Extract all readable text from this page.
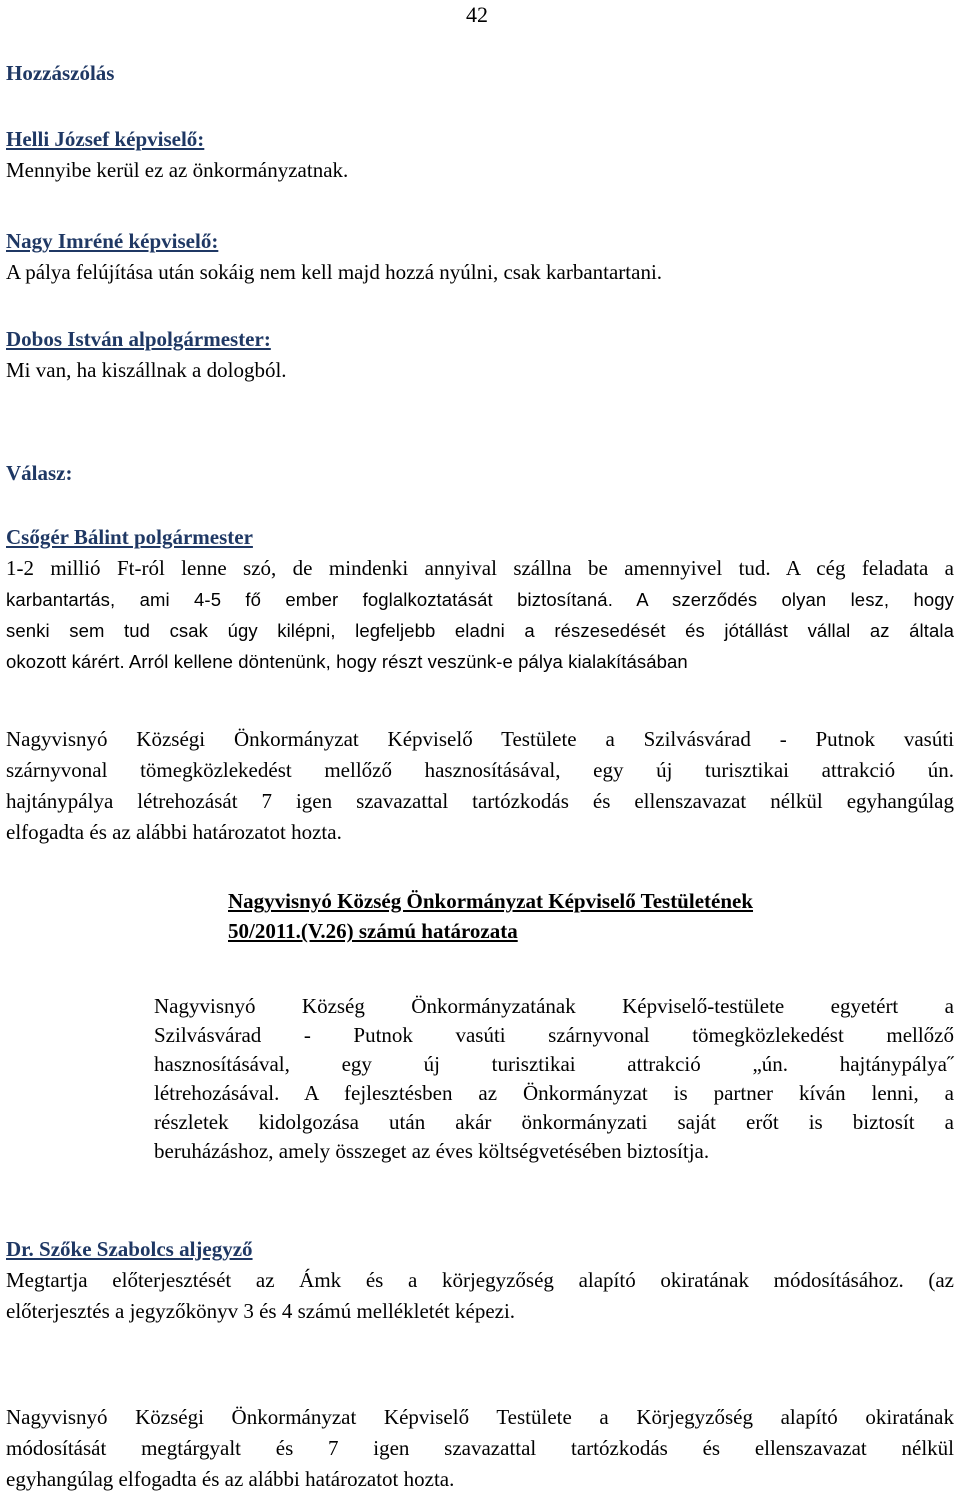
42
Hozzászólás
Helli József képviselő:
Mennyibe kerül ez az önkormányzatnak.
Nagy Imréné képviselő:
A pálya felújítása után sokáig nem kell majd hozzá nyúlni, csak karbantartani.
Dobos István alpolgármester:
Mi van, ha kiszállnak a dologból.
Válasz:
Csőgér Bálint polgármester
1-2 millió Ft-ról lenne szó, de mindenki annyival szállna be amennyivel tud. A cég feladata a
karbantartás, ami 4-5 fő ember foglalkoztatását biztosítaná. A szerződés olyan lesz, hogy
senki sem tud csak úgy kilépni, legfeljebb eladni a részesedését és jótállást vállal az általa
okozott kárért. Arról kellene döntenünk, hogy részt veszünk-e pálya kialakításában
Nagyvisnyó Községi Önkormányzat Képviselő Testülete a Szilvásvárad - Putnok vasúti
szárnyvonal tömegközlekedést mellőző hasznosításával, egy új turisztikai attrakció ún.
hajtánypálya létrehozását 7 igen szavazattal tartózkodás és ellenszavazat nélkül egyhangúlag
elfogadta és az alábbi határozatot hozta.
Nagyvisnyó Község Önkormányzat Képviselő Testületének
50/2011.(V.26) számú határozata
Nagyvisnyó Község Önkormányzatának Képviselő-testülete egyetért a
Szilvásvárad - Putnok vasúti szárnyvonal tömegközlekedést mellőző
hasznosításával, egy új turisztikai attrakció „ún. hajtánypálya˝
létrehozásával. A fejlesztésben az Önkormányzat is partner kíván lenni, a
részletek kidolgozása után akár önkormányzati saját erőt is biztosít a
beruházáshoz, amely összeget az éves költségvetésében biztosítja.
Dr. Szőke Szabolcs aljegyző
Megtartja előterjesztését az Ámk és a körjegyzőség alapító okiratának módosításához. (az
előterjesztés a jegyzőkönyv 3 és 4 számú mellékletét képezi.
Nagyvisnyó Községi Önkormányzat Képviselő Testülete a Körjegyzőség alapító okiratának
módosítását megtárgyalt és 7 igen szavazattal tartózkodás és ellenszavazat nélkül
egyhangúlag elfogadta és az alábbi határozatot hozta.
